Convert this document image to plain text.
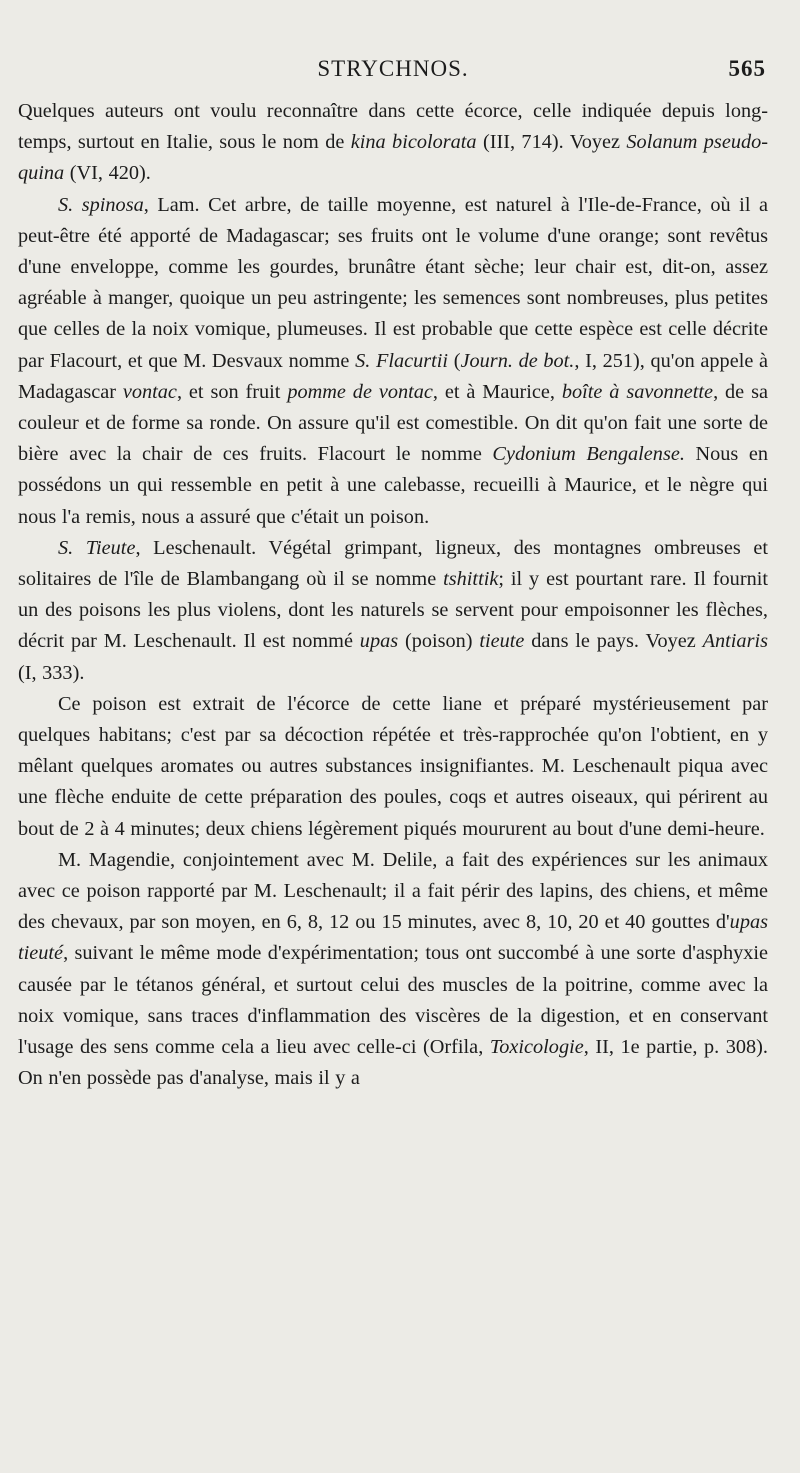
STRYCHNOS.	565

Quelques auteurs ont voulu reconnaître dans cette écorce, celle indiquée depuis long-temps, surtout en Italie, sous le nom de kina bicolorata (III, 714). Voyez Solanum pseudo-quina (VI, 420).

S. spinosa, Lam. Cet arbre, de taille moyenne, est naturel à l'Ile-de-France, où il a peut-être été apporté de Madagascar; ses fruits ont le volume d'une orange; sont revêtus d'une enveloppe, comme les gourdes, brunâtre étant sèche; leur chair est, dit-on, assez agréable à manger, quoique un peu astringente; les semences sont nombreuses, plus petites que celles de la noix vomique, plumeuses. Il est probable que cette espèce est celle décrite par Flacourt, et que M. Desvaux nomme S. Flacurtii (Journ. de bot., I, 251), qu'on appele à Madagascar vontac, et son fruit pomme de vontac, et à Maurice, boîte à savonnette, de sa couleur et de forme sa ronde. On assure qu'il est comestible. On dit qu'on fait une sorte de bière avec la chair de ces fruits. Flacourt le nomme Cydonium Bengalense. Nous en possédons un qui ressemble en petit à une calebasse, recueilli à Maurice, et le nègre qui nous l'a remis, nous a assuré que c'était un poison.

S. Tieute, Leschenault. Végétal grimpant, ligneux, des montagnes ombreuses et solitaires de l'île de Blambangang où il se nomme tshittik; il y est pourtant rare. Il fournit un des poisons les plus violens, dont les naturels se servent pour empoisonner les flèches, décrit par M. Leschenault. Il est nommé upas (poison) tieute dans le pays. Voyez Antiaris (I, 333).

Ce poison est extrait de l'écorce de cette liane et préparé mystérieusement par quelques habitans; c'est par sa décoction répétée et très-rapprochée qu'on l'obtient, en y mêlant quelques aromates ou autres substances insignifiantes. M. Leschenault piqua avec une flèche enduite de cette préparation des poules, coqs et autres oiseaux, qui périrent au bout de 2 à 4 minutes; deux chiens légèrement piqués moururent au bout d'une demi-heure.

M. Magendie, conjointement avec M. Delile, a fait des expériences sur les animaux avec ce poison rapporté par M. Leschenault; il a fait périr des lapins, des chiens, et même des chevaux, par son moyen, en 6, 8, 12 ou 15 minutes, avec 8, 10, 20 et 40 gouttes d'upas tieuté, suivant le même mode d'expérimentation; tous ont succombé à une sorte d'asphyxie causée par le tétanos général, et surtout celui des muscles de la poitrine, comme avec la noix vomique, sans traces d'inflammation des viscères de la digestion, et en conservant l'usage des sens comme cela a lieu avec celle-ci (Orfila, Toxicologie, II, 1e partie, p. 308). On n'en possède pas d'analyse, mais il y a
